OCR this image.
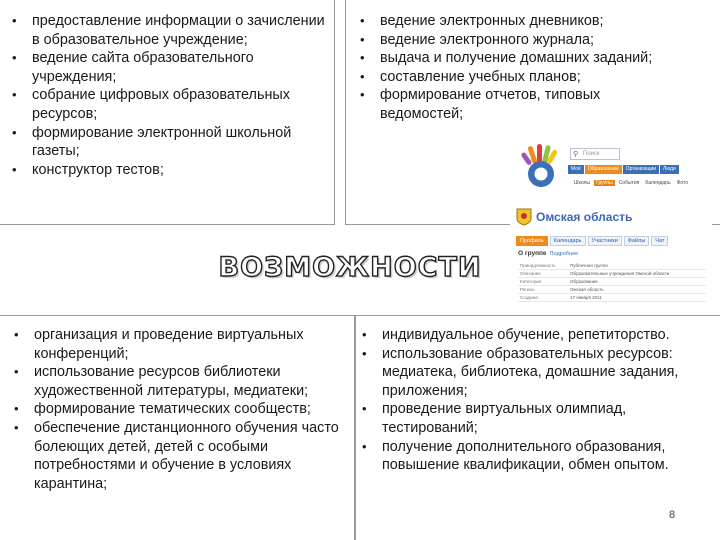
• предоставление информации о зачислении в образовательное учреждение;
• ведение сайта образовательного учреждения;
• собрание цифровых образовательных ресурсов;
• формирование электронной школьной газеты;
• конструктор тестов;
• ведение электронных дневников;
• ведение электронного журнала;
• выдача и получение домашних заданий;
• составление учебных планов;
• формирование отчетов, типовых ведомостей;
ВОЗМОЖНОСТИ
• организация и проведение виртуальных конференций;
• использование ресурсов библиотеки художественной литературы, медиатеки;
• формирование тематических сообществ;
• обеспечение дистанционного обучения часто болеющих детей, детей с особыми потребностями и обучение в условиях карантина;
• индивидуальное обучение, репетиторство.
• использование образовательных ресурсов: медиатека, библиотека, домашние задания, приложения;
• проведение виртуальных олимпиад, тестирований;
• получение дополнительного образования, повышение квалификации, обмен опытом.
8
⚲ Поиск
Моё	Образование	Организации	Люди
Школы	Группы	События	Календарь	Фото
Омская область
Профиль	Календарь	Участники	Файлы	Чат
О группе Подробнее
Принадлежность	Публичная группа
Описание	Образовательные учреждения Омской области
Категория	Образование
Регион	Омская область
Создана	17 января 2011
